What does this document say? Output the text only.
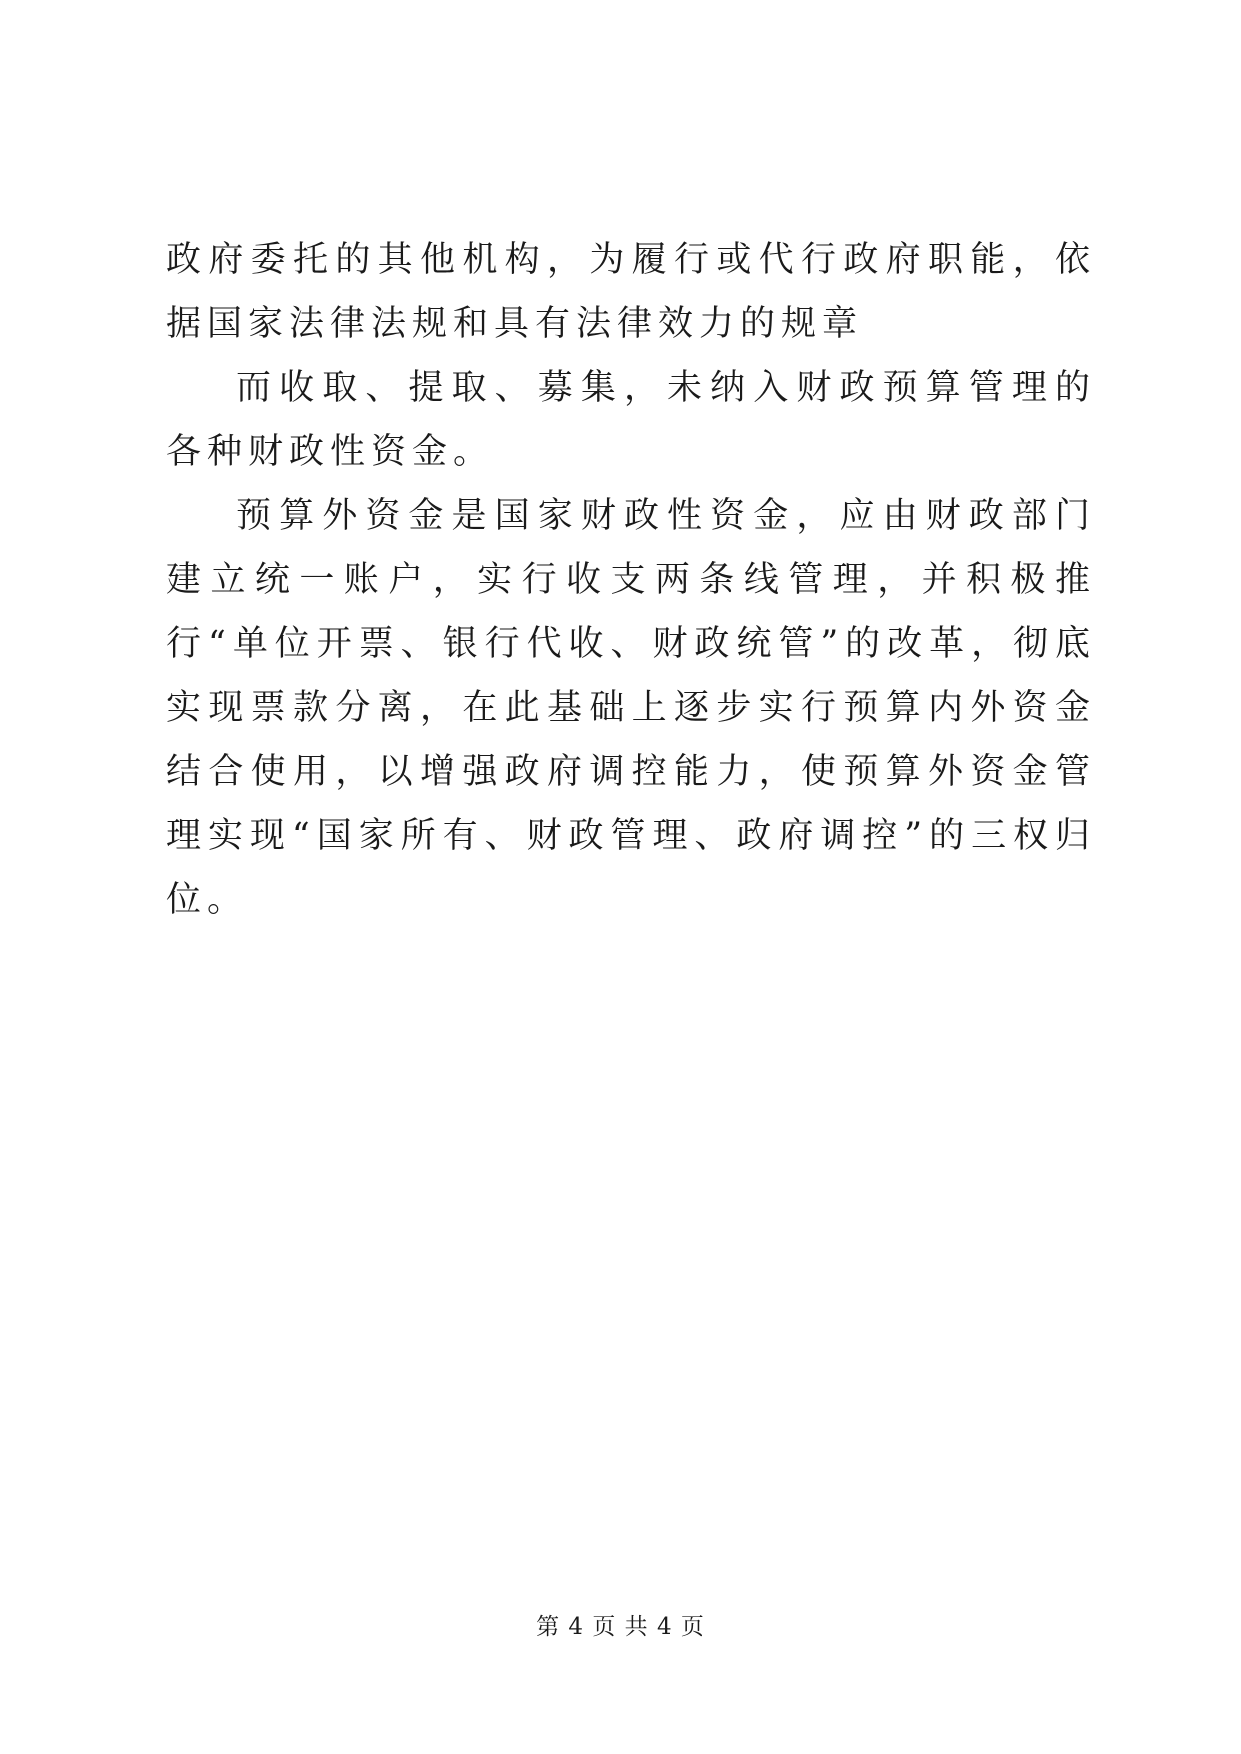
政府委托的其他机构，为履行或代行政府职能，依据国家法律法规和具有法律效力的规章

而收取、提取、募集，未纳入财政预算管理的各种财政性资金。

预算外资金是国家财政性资金，应由财政部门建立统一账户，实行收支两条线管理，并积极推行“单位开票、银行代收、财政统管”的改革，彻底实现票款分离，在此基础上逐步实行预算内外资金结合使用，以增强政府调控能力，使预算外资金管理实现“国家所有、财政管理、政府调控”的三权归位。

第 4 页 共 4 页
